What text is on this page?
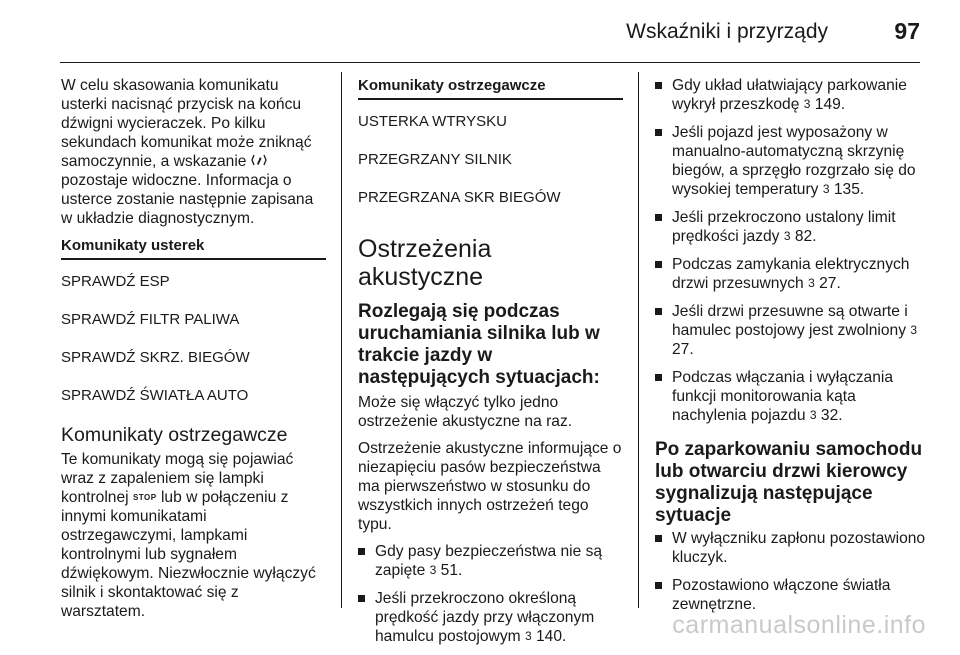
Wskaźniki i przyrządy	97

W celu skasowania komunikatu usterki nacisnąć przycisk na końcu dźwigni wycieraczek. Po kilku sekundach komunikat może zniknąć samoczynnie, a wskazanie  pozostaje widoczne. Informacja o usterce zostanie następnie zapisana w układzie diagnostycznym.

Komunikaty usterek
SPRAWDŹ ESP
SPRAWDŹ FILTR PALIWA
SPRAWDŹ SKRZ. BIEGÓW
SPRAWDŹ ŚWIATŁA AUTO
Komunikaty ostrzegawcze

Te komunikaty mogą się pojawiać wraz z zapaleniem się lampki kontrolnej STOP lub w połączeniu z innymi komunikatami ostrzegawczymi, lampkami kontrolnymi lub sygnałem dźwiękowym. Niezwłocznie wyłączyć silnik i skontaktować się z warsztatem.

Komunikaty ostrzegawcze
USTERKA WTRYSKU
PRZEGRZANY SILNIK
PRZEGRZANA SKR BIEGÓW
Ostrzeżenia akustyczne
Rozlegają się podczas uruchamiania silnika lub w trakcie jazdy w następujących sytuacjach:

Może się włączyć tylko jedno ostrzeżenie akustyczne na raz.

Ostrzeżenie akustyczne informujące o niezapięciu pasów bezpieczeństwa ma pierwszeństwo w stosunku do wszystkich innych ostrzeżeń tego typu.

Gdy pasy bezpieczeństwa nie są zapięte 3 51.
Jeśli przekroczono określoną prędkość jazdy przy włączonym hamulcu postojowym 3 140.
Gdy układ ułatwiający parkowanie wykrył przeszkodę 3 149.
Jeśli pojazd jest wyposażony w manualno-automatyczną skrzynię biegów, a sprzęgło rozgrzało się do wysokiej temperatury 3 135.
Jeśli przekroczono ustalony limit prędkości jazdy 3 82.
Podczas zamykania elektrycznych drzwi przesuwnych 3 27.
Jeśli drzwi przesuwne są otwarte i hamulec postojowy jest zwolniony 3 27.
Podczas włączania i wyłączania funkcji monitorowania kąta nachylenia pojazdu 3 32.
Po zaparkowaniu samochodu lub otwarciu drzwi kierowcy sygnalizują następujące sytuacje
W wyłączniku zapłonu pozostawiono kluczyk.
Pozostawiono włączone światła zewnętrzne.
carmanualsonline.info
